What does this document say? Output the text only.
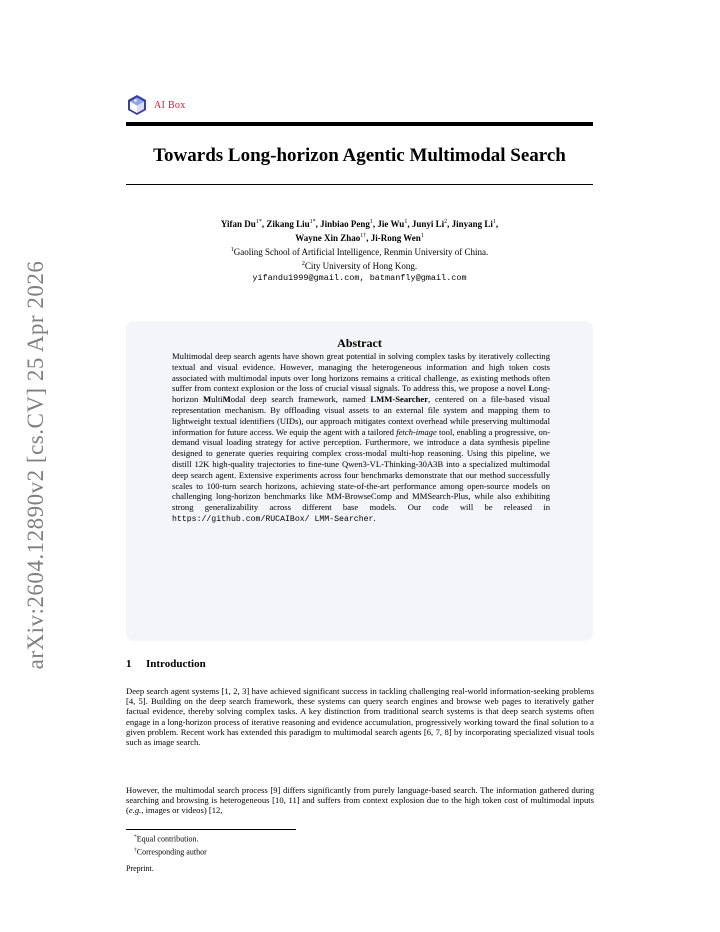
arXiv:2604.12890v2 [cs.CV] 25 Apr 2026
AI Box
Towards Long-horizon Agentic Multimodal Search
Yifan $Du^{1*}$, Zikang Liu$^{1*}$, Jinbiao Peng$^1$, Jie Wu$^1$, Junyi Li$^2$, Jinyang Li$^1$,
Wayne Xin Zhao$^{1\dagger}$, Ji-Rong Wen$^1$
$^1$Gaoling School of Artificial Intelligence, Renmin University of China.
$^2$City University of Hong Kong.
yifandu1999@gmail.com, batmanfly@gmail.com
Abstract
Multimodal deep search agents have shown great potential in solving complex tasks by iteratively collecting textual and visual evidence. However, managing the heterogeneous information and high token costs associated with multimodal inputs over long horizons remains a critical challenge, as existing methods often suffer from context explosion or the loss of crucial visual signals. To address this, we propose a novel Long-horizon MultiModal deep search framework, named LMM-Searcher, centered on a file-based visual representation mechanism. By offloading visual assets to an external file system and mapping them to lightweight textual identifiers (UIDs), our approach mitigates context overhead while preserving multimodal information for future access. We equip the agent with a tailored fetch-image tool, enabling a progressive, on-demand visual loading strategy for active perception. Furthermore, we introduce a data synthesis pipeline designed to generate queries requiring complex cross-modal multi-hop reasoning. Using this pipeline, we distill 12K high-quality trajectories to fine-tune Qwen3-VL-Thinking-30A3B into a specialized multimodal deep search agent. Extensive experiments across four benchmarks demonstrate that our method successfully scales to 100-turn search horizons, achieving state-of-the-art performance among open-source models on challenging long-horizon benchmarks like MM-BrowseComp and MMSearch-Plus, while also exhibiting strong generalizability across different base models. Our code will be released in https://github.com/RUCAIBox/ LMM-Searcher.
1 Introduction
Deep search agent systems [1, 2, 3] have achieved significant success in tackling challenging real-world information-seeking problems [4, 5]. Building on the deep search framework, these systems can query search engines and browse web pages to iteratively gather factual evidence, thereby solving complex tasks. A key distinction from traditional search systems is that deep search systems often engage in a long-horizon process of iterative reasoning and evidence accumulation, progressively working toward the final solution to a given problem. Recent work has extended this paradigm to multimodal search agents [6, 7, 8] by incorporating specialized visual tools such as image search.
However, the multimodal search process [9] differs significantly from purely language-based search. The information gathered during searching and browsing is heterogeneous [10, 11] and suffers from context explosion due to the high token cost of multimodal inputs (e.g., images or videos) [12,
*Equal contribution.
†Corresponding author
Preprint.
